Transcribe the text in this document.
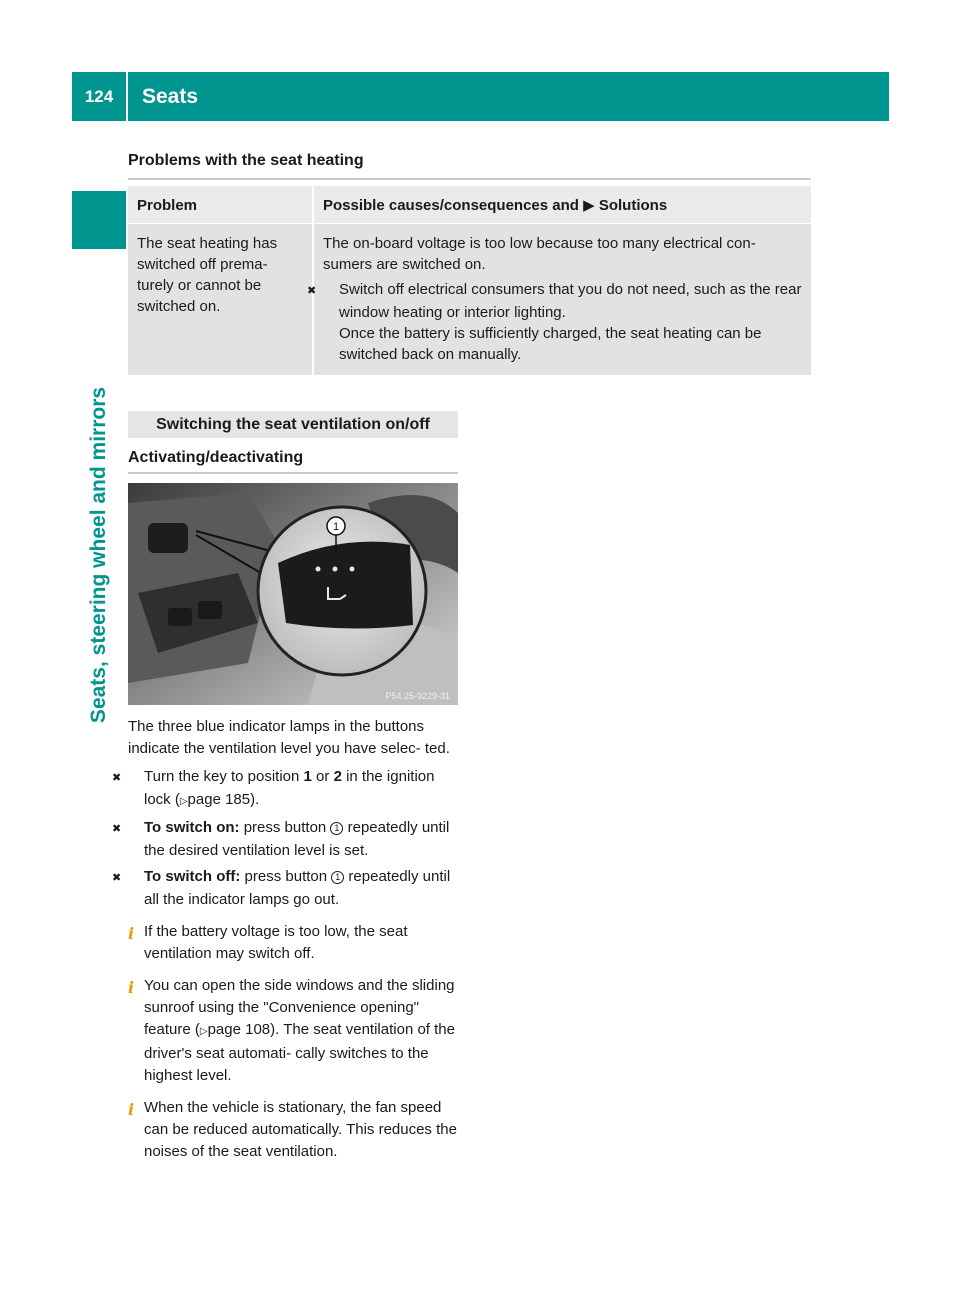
124	Seats
Seats, steering wheel and mirrors
Problems with the seat heating
Problem	Possible causes/consequences and ▶ Solutions
The seat heating has switched off prema- turely or cannot be switched on.	The on-board voltage is too low because too many electrical con- sumers are switched on.
✖ Switch off electrical consumers that you do not need, such as the rear window heating or interior lighting.
Once the battery is sufficiently charged, the seat heating can be switched back on manually.
Switching the seat ventilation on/off
Activating/deactivating
1
P54.25-9229-31
The three blue indicator lamps in the buttons indicate the ventilation level you have selec- ted.
✖ Turn the key to position 1 or 2 in the ignition lock (▷page 185).
✖ To switch on: press button 1 repeatedly until the desired ventilation level is set.
✖ To switch off: press button 1 repeatedly until all the indicator lamps go out.
i If the battery voltage is too low, the seat ventilation may switch off.
i You can open the side windows and the sliding sunroof using the "Convenience opening" feature (▷page 108). The seat ventilation of the driver's seat automati- cally switches to the highest level.
i When the vehicle is stationary, the fan speed can be reduced automatically. This reduces the noises of the seat ventilation.
